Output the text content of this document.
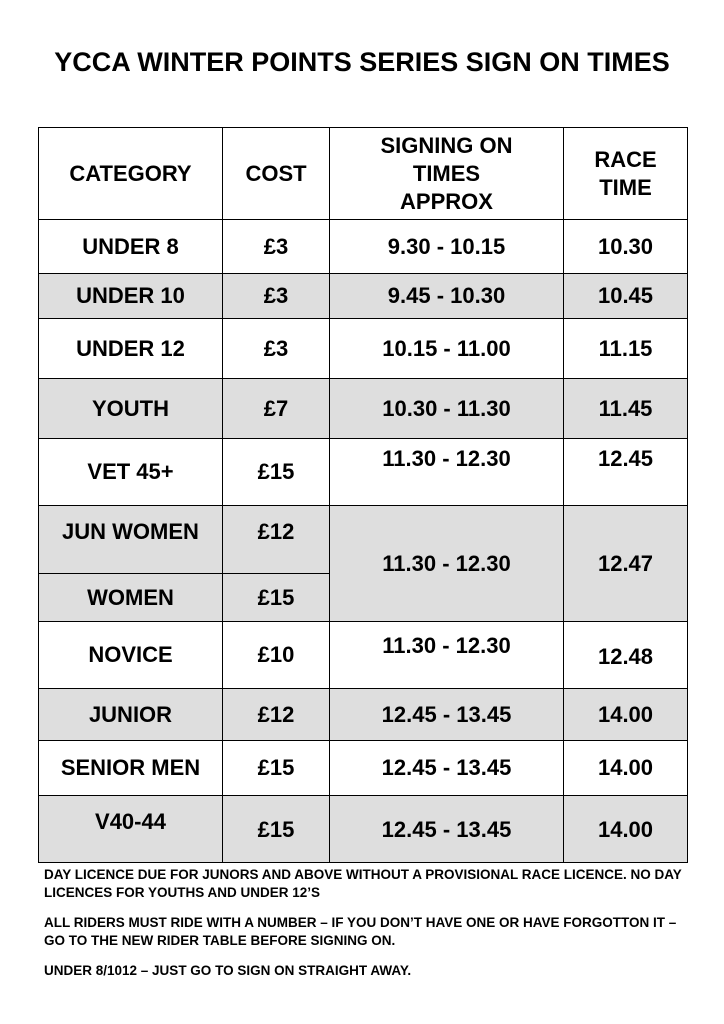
YCCA WINTER POINTS SERIES SIGN ON TIMES
CATEGORY	COST	SIGNING ON TIMES APPROX	RACE TIME
UNDER 8	£3	9.30 - 10.15	10.30
UNDER 10	£3	9.45 - 10.30	10.45
UNDER 12	£3	10.15 - 11.00	11.15
YOUTH	£7	10.30 - 11.30	11.45
VET 45+	£15	11.30 - 12.30	12.45
JUN WOMEN	£12	11.30 - 12.30	12.47
WOMEN	£15		
NOVICE	£10	11.30 - 12.30	12.48
JUNIOR	£12	12.45 - 13.45	14.00
SENIOR MEN	£15	12.45 - 13.45	14.00
V40-44	£15	12.45 - 13.45	14.00

DAY LICENCE DUE FOR JUNORS AND ABOVE WITHOUT A PROVISIONAL RACE LICENCE. NO DAY LICENCES FOR YOUTHS AND UNDER 12’S

ALL RIDERS MUST RIDE WITH A NUMBER – IF YOU DON’T HAVE ONE OR HAVE FORGOTTON IT – GO TO THE NEW RIDER TABLE BEFORE SIGNING ON.

UNDER 8/1012 – JUST GO TO SIGN ON STRAIGHT AWAY.
